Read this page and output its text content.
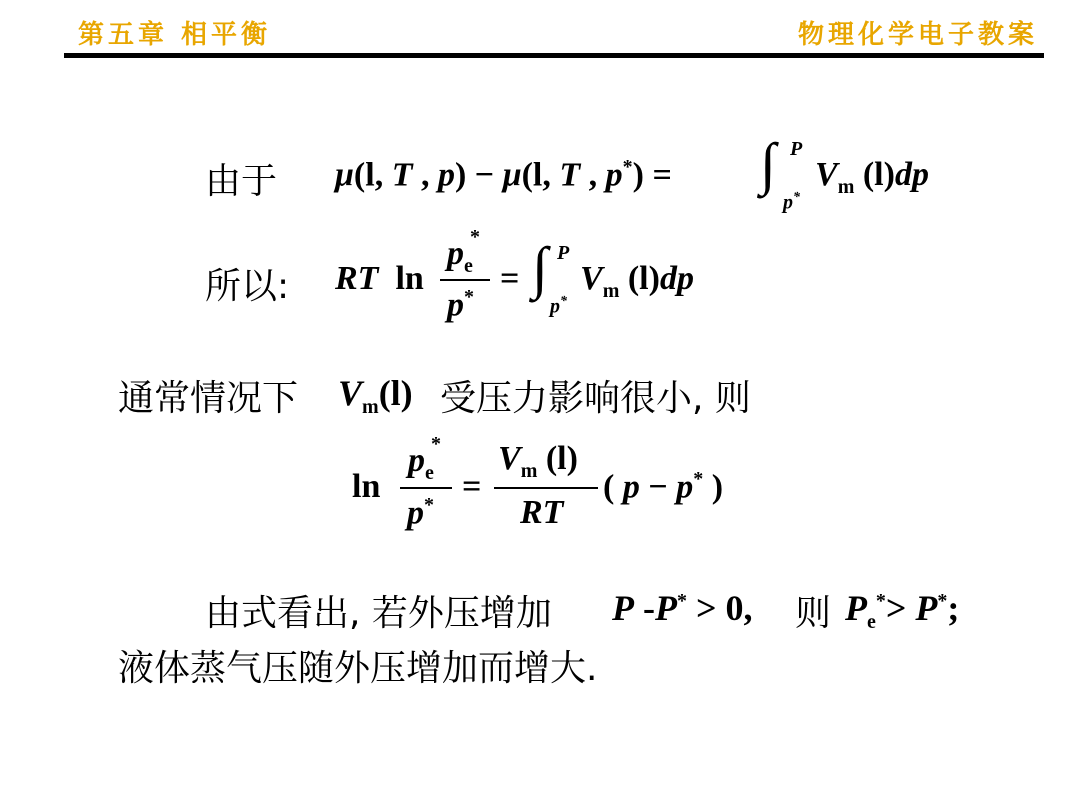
第五章 相平衡	物理化学电子教案
由于 μ(l, T , p) − μ(l, T , p*) = ∫ P
p*
$V_m$ (l)dp
所以: RT  ln
$p_e$
*
p* = ∫ P
p*
$V_m$ (l)dp
通常情况下 $V_m(l)$ 受压力影响很小, 则
ln
$p_e$
*
p* =
$V_m$ (l)
RT
( p − p* )
由式看出, 若外压增加 P -P* > 0, 则 $P_e^*> P^*$;
液体蒸气压随外压增加而增大.
